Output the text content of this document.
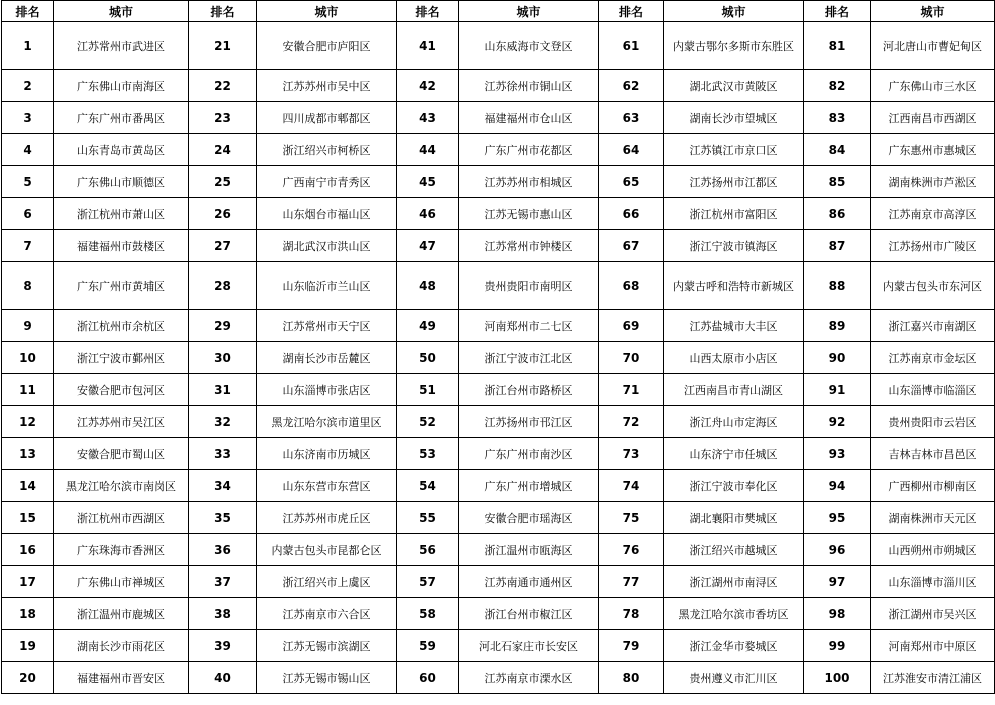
排名	城市	排名	城市	排名	城市	排名	城市	排名	城市
1	江苏常州市武进区	21	安徽合肥市庐阳区	41	山东威海市文登区	61	内蒙古鄂尔多斯市东胜区	81	河北唐山市曹妃甸区
2	广东佛山市南海区	22	江苏苏州市吴中区	42	江苏徐州市铜山区	62	湖北武汉市黄陂区	82	广东佛山市三水区
3	广东广州市番禺区	23	四川成都市郫都区	43	福建福州市仓山区	63	湖南长沙市望城区	83	江西南昌市西湖区
4	山东青岛市黄岛区	24	浙江绍兴市柯桥区	44	广东广州市花都区	64	江苏镇江市京口区	84	广东惠州市惠城区
5	广东佛山市顺德区	25	广西南宁市青秀区	45	江苏苏州市相城区	65	江苏扬州市江都区	85	湖南株洲市芦淞区
6	浙江杭州市萧山区	26	山东烟台市福山区	46	江苏无锡市惠山区	66	浙江杭州市富阳区	86	江苏南京市高淳区
7	福建福州市鼓楼区	27	湖北武汉市洪山区	47	江苏常州市钟楼区	67	浙江宁波市镇海区	87	江苏扬州市广陵区
8	广东广州市黄埔区	28	山东临沂市兰山区	48	贵州贵阳市南明区	68	内蒙古呼和浩特市新城区	88	内蒙古包头市东河区
9	浙江杭州市余杭区	29	江苏常州市天宁区	49	河南郑州市二七区	69	江苏盐城市大丰区	89	浙江嘉兴市南湖区
10	浙江宁波市鄞州区	30	湖南长沙市岳麓区	50	浙江宁波市江北区	70	山西太原市小店区	90	江苏南京市金坛区
11	安徽合肥市包河区	31	山东淄博市张店区	51	浙江台州市路桥区	71	江西南昌市青山湖区	91	山东淄博市临淄区
12	江苏苏州市吴江区	32	黑龙江哈尔滨市道里区	52	江苏扬州市邗江区	72	浙江舟山市定海区	92	贵州贵阳市云岩区
13	安徽合肥市蜀山区	33	山东济南市历城区	53	广东广州市南沙区	73	山东济宁市任城区	93	吉林吉林市昌邑区
14	黑龙江哈尔滨市南岗区	34	山东东营市东营区	54	广东广州市增城区	74	浙江宁波市奉化区	94	广西柳州市柳南区
15	浙江杭州市西湖区	35	江苏苏州市虎丘区	55	安徽合肥市瑶海区	75	湖北襄阳市樊城区	95	湖南株洲市天元区
16	广东珠海市香洲区	36	内蒙古包头市昆都仑区	56	浙江温州市瓯海区	76	浙江绍兴市越城区	96	山西朔州市朔城区
17	广东佛山市禅城区	37	浙江绍兴市上虞区	57	江苏南通市通州区	77	浙江湖州市南浔区	97	山东淄博市淄川区
18	浙江温州市鹿城区	38	江苏南京市六合区	58	浙江台州市椒江区	78	黑龙江哈尔滨市香坊区	98	浙江湖州市吴兴区
19	湖南长沙市雨花区	39	江苏无锡市滨湖区	59	河北石家庄市长安区	79	浙江金华市婺城区	99	河南郑州市中原区
20	福建福州市晋安区	40	江苏无锡市锡山区	60	江苏南京市溧水区	80	贵州遵义市汇川区	100	江苏淮安市清江浦区
